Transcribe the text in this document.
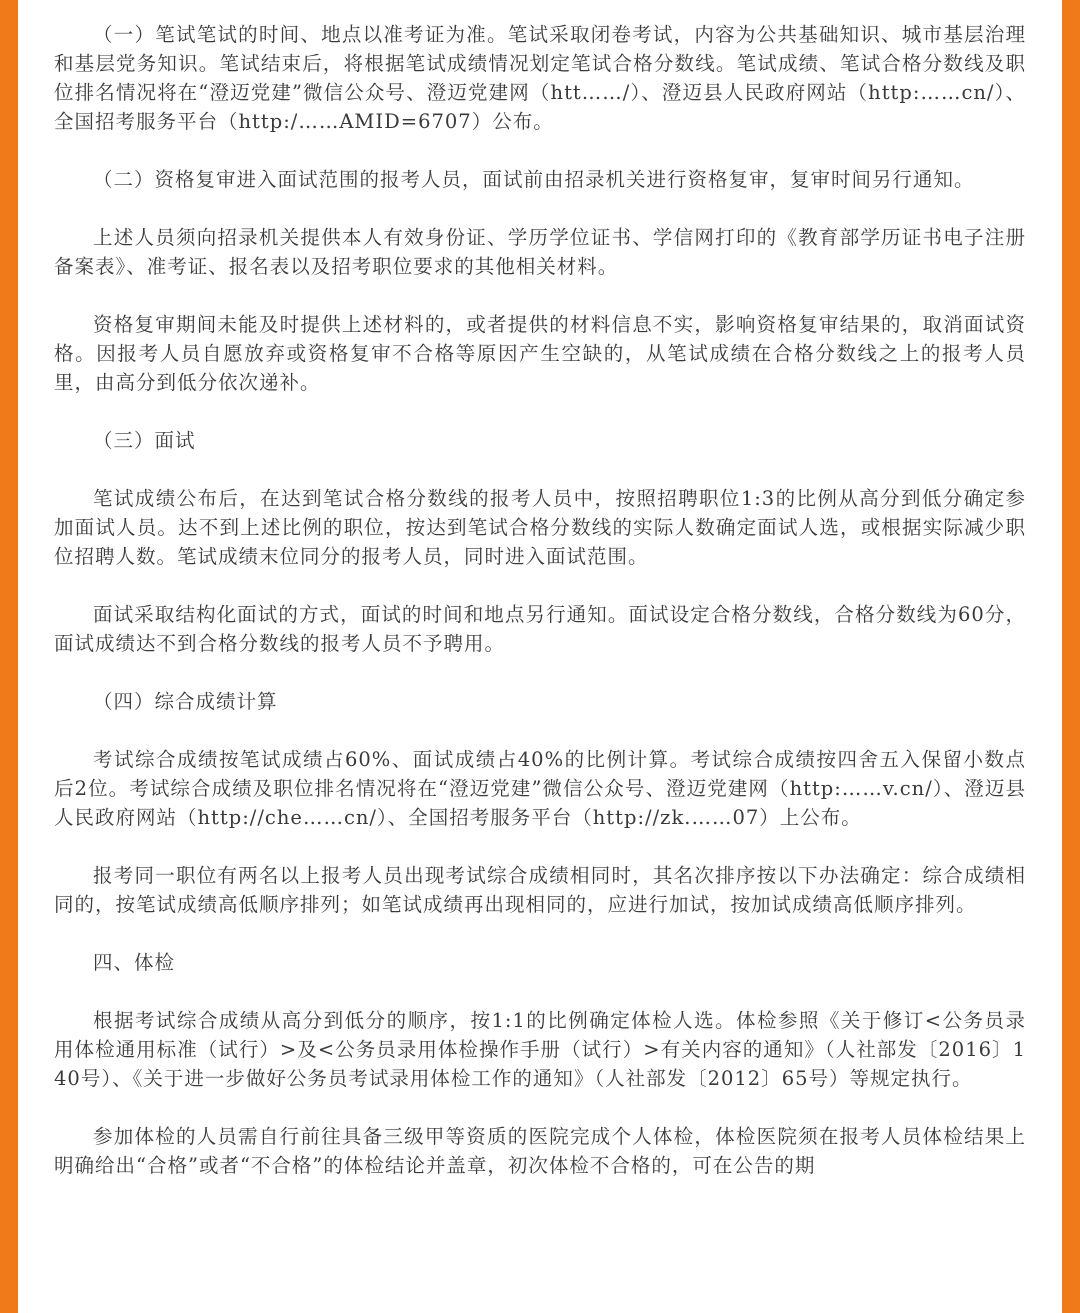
（一）笔试笔试的时间、地点以准考证为准。笔试采取闭卷考试，内容为公共基础知识、城市基层治理和基层党务知识。笔试结束后，将根据笔试成绩情况划定笔试合格分数线。笔试成绩、笔试合格分数线及职位排名情况将在“澄迈党建”微信公众号、澄迈党建网（htt……/）、澄迈县人民政府网站（http:……cn/）、全国招考服务平台（http:/……AMID=6707）公布。

（二）资格复审进入面试范围的报考人员，面试前由招录机关进行资格复审，复审时间另行通知。

上述人员须向招录机关提供本人有效身份证、学历学位证书、学信网打印的《教育部学历证书电子注册备案表》、准考证、报名表以及招考职位要求的其他相关材料。

资格复审期间未能及时提供上述材料的，或者提供的材料信息不实，影响资格复审结果的，取消面试资格。因报考人员自愿放弃或资格复审不合格等原因产生空缺的，从笔试成绩在合格分数线之上的报考人员里，由高分到低分依次递补。

（三）面试

笔试成绩公布后，在达到笔试合格分数线的报考人员中，按照招聘职位1:3的比例从高分到低分确定参加面试人员。达不到上述比例的职位，按达到笔试合格分数线的实际人数确定面试人选，或根据实际减少职位招聘人数。笔试成绩末位同分的报考人员，同时进入面试范围。

面试采取结构化面试的方式，面试的时间和地点另行通知。面试设定合格分数线，合格分数线为60分，面试成绩达不到合格分数线的报考人员不予聘用。

（四）综合成绩计算

考试综合成绩按笔试成绩占60%、面试成绩占40%的比例计算。考试综合成绩按四舍五入保留小数点后2位。考试综合成绩及职位排名情况将在“澄迈党建”微信公众号、澄迈党建网（http:……v.cn/）、澄迈县人民政府网站（http://che……cn/）、全国招考服务平台（http://zk.……07）上公布。

报考同一职位有两名以上报考人员出现考试综合成绩相同时，其名次排序按以下办法确定：综合成绩相同的，按笔试成绩高低顺序排列；如笔试成绩再出现相同的，应进行加试，按加试成绩高低顺序排列。

四、体检

根据考试综合成绩从高分到低分的顺序，按1:1的比例确定体检人选。体检参照《关于修订<公务员录用体检通用标准（试行）>及<公务员录用体检操作手册（试行）>有关内容的通知》（人社部发〔2016〕140号）、《关于进一步做好公务员考试录用体检工作的通知》（人社部发〔2012〕65号）等规定执行。

参加体检的人员需自行前往具备三级甲等资质的医院完成个人体检，体检医院须在报考人员体检结果上明确给出“合格”或者“不合格”的体检结论并盖章，初次体检不合格的，可在公告的期
